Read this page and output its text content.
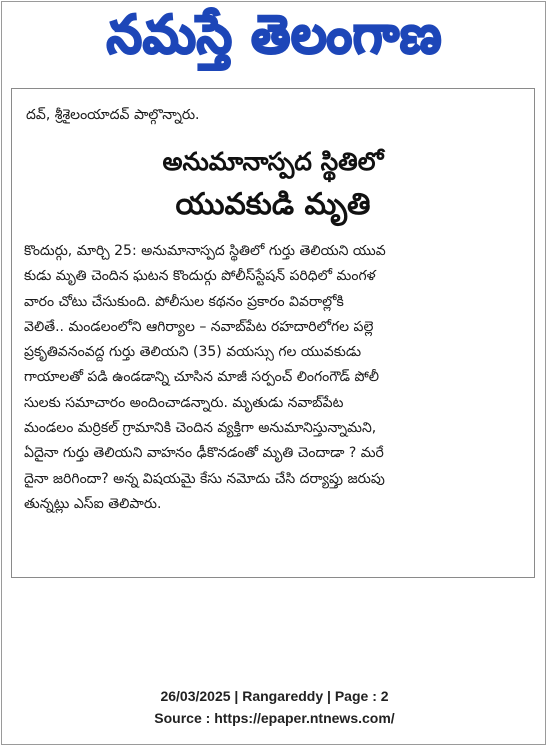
నమస్తే తెలంగాణ
దవ్, శ్రీశైలంయాదవ్ పాల్గొన్నారు.
అనుమానాస్పద స్థితిలో
యువకుడి మృతి
కొందుర్గు, మార్చి 25: అనుమానాస్పద స్థితిలో గుర్తు తెలియని యువ
కుడు మృతి చెందిన ఘటన కొందుర్గు పోలీస్‌స్టేషన్ పరిధిలో మంగళ
వారం చోటు చేసుకుంది. పోలీసుల కథనం ప్రకారం వివరాల్లోకి
వెలితే.. మండలంలోని ఆగిర్యాల – నవాబ్‌పేట రహదారిలోగల పల్లె
ప్రకృతివనంవద్ద గుర్తు తెలియని (35) వయస్సు గల యువకుడు
గాయాలతో పడి ఉండడాన్ని చూసిన మాజీ సర్పంచ్ లింగంగౌడ్ పోలీ
సులకు సమాచారం అందించాడన్నారు. మృతుడు నవాబ్‌పేట
మండలం మర్రికల్ గ్రామానికి చెందిన వ్యక్తిగా అనుమానిస్తున్నామని,
ఏదైనా గుర్తు తెలియని వాహనం ఢీకొనడంతో మృతి చెందాడా ? మరే
దైనా జరిగిందా? అన్న విషయమై కేసు నమోదు చేసి దర్యాప్తు జరుపు
తున్నట్లు ఎస్ఐ తెలిపారు.
26/03/2025 | Rangareddy | Page : 2
Source : https://epaper.ntnews.com/
